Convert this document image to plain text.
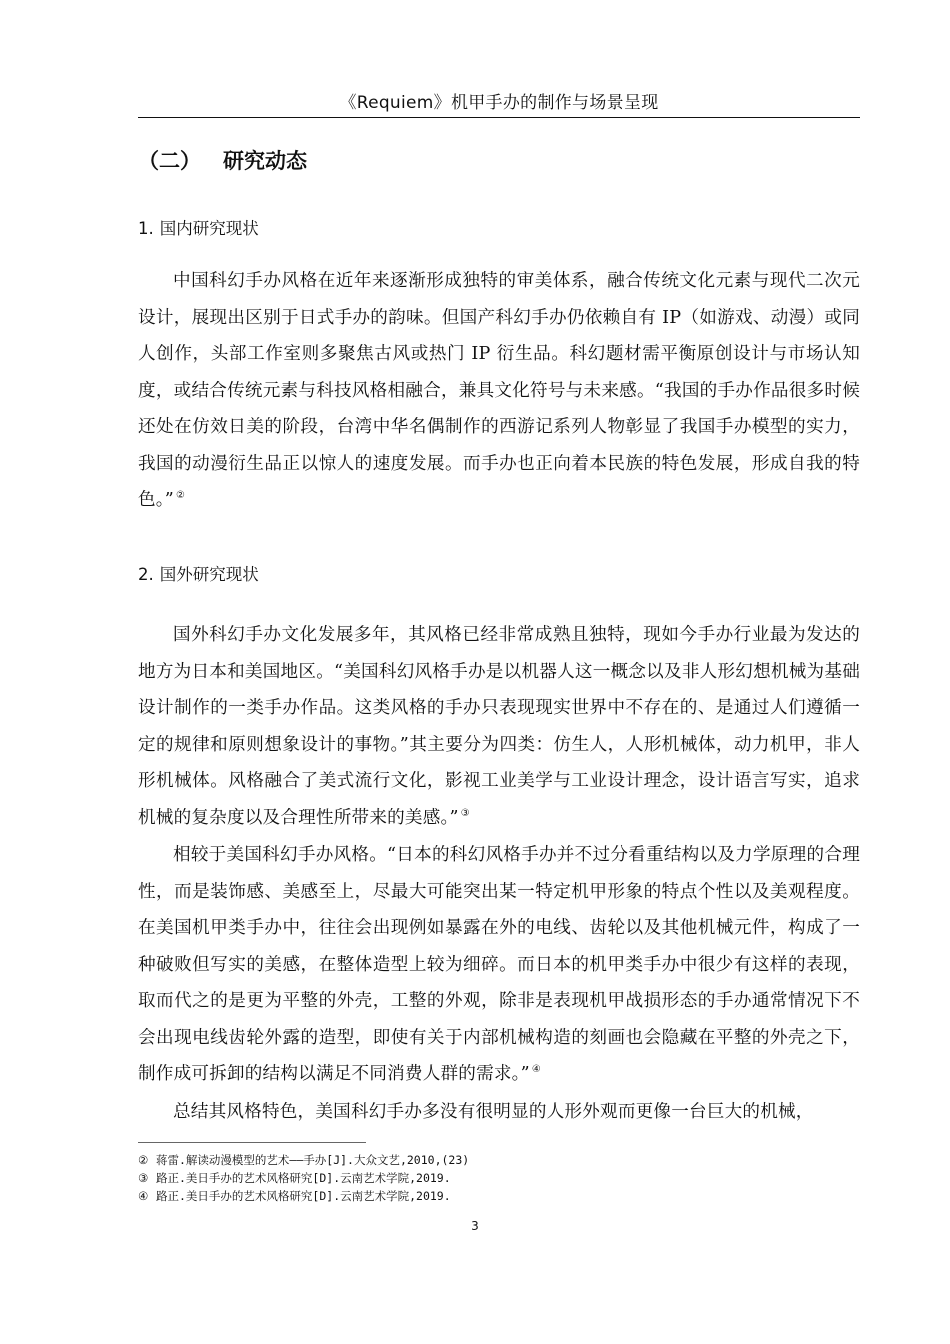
《Requiem》机甲手办的制作与场景呈现
（二） 研究动态
1. 国内研究现状

中国科幻手办风格在近年来逐渐形成独特的审美体系，融合传统文化元素与现代二次元设计，展现出区别于日式手办的韵味。但国产科幻手办仍依赖自有 IP（如游戏、动漫）或同人创作，头部工作室则多聚焦古风或热门 IP 衍生品。科幻题材需平衡原创设计与市场认知度，或结合传统元素与科技风格相融合，兼具文化符号与未来感。“我国的手办作品很多时候还处在仿效日美的阶段，台湾中华名偶制作的西游记系列人物彰显了我国手办模型的实力，我国的动漫衍生品正以惊人的速度发展。而手办也正向着本民族的特色发展，形成自我的特色。” ②

2. 国外研究现状

国外科幻手办文化发展多年，其风格已经非常成熟且独特，现如今手办行业最为发达的地方为日本和美国地区。“美国科幻风格手办是以机器人这一概念以及非人形幻想机械为基础设计制作的一类手办作品。这类风格的手办只表现现实世界中不存在的、是通过人们遵循一定的规律和原则想象设计的事物。”其主要分为四类：仿生人，人形机械体，动力机甲，非人形机械体。风格融合了美式流行文化，影视工业美学与工业设计理念，设计语言写实，追求机械的复杂度以及合理性所带来的美感。” ③

相较于美国科幻手办风格。“日本的科幻风格手办并不过分看重结构以及力学原理的合理性，而是装饰感、美感至上，尽最大可能突出某一特定机甲形象的特点个性以及美观程度。在美国机甲类手办中，往往会出现例如暴露在外的电线、齿轮以及其他机械元件，构成了一种破败但写实的美感，在整体造型上较为细碎。而日本的机甲类手办中很少有这样的表现，取而代之的是更为平整的外壳，工整的外观，除非是表现机甲战损形态的手办通常情况下不会出现电线齿轮外露的造型，即使有关于内部机械构造的刻画也会隐藏在平整的外壳之下，制作成可拆卸的结构以满足不同消费人群的需求。” ④

总结其风格特色，美国科幻手办多没有很明显的人形外观而更像一台巨大的机械，

② 蒋雷.解读动漫模型的艺术——手办[J].大众文艺,2010,(23)
③ 路正.美日手办的艺术风格研究[D].云南艺术学院,2019.
④ 路正.美日手办的艺术风格研究[D].云南艺术学院,2019.
3
